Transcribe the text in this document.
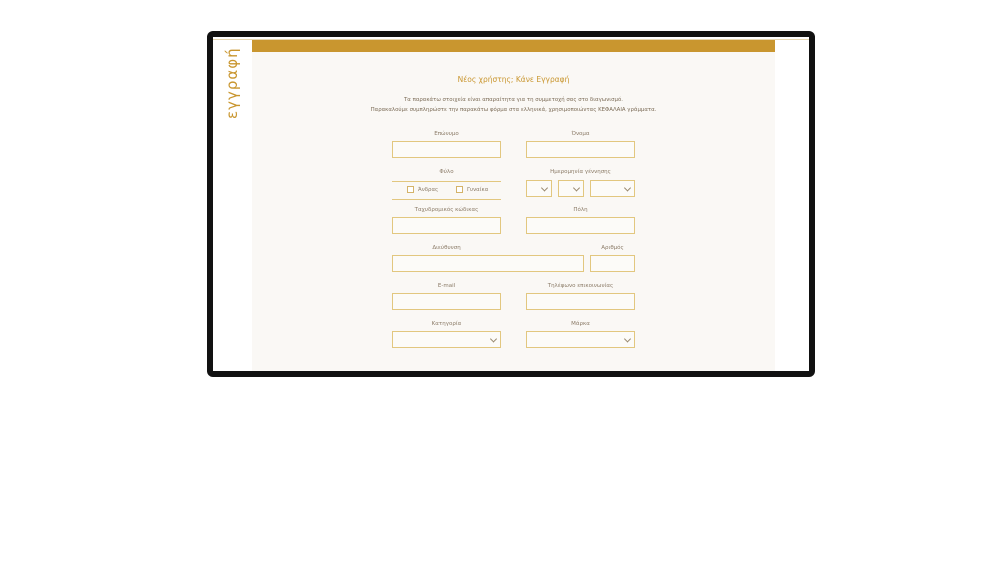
εγγραφή	Νέος χρήστης; Κάνε Εγγραφή
Τα παρακάτω στοιχεία είναι απαραίτητα για τη συμμετοχή σας στο διαγωνισμό.
Παρακαλούμε συμπληρώστε την παρακάτω φόρμα στα ελληνικά, χρησιμοποιώντας ΚΕΦΑΛΑΙΑ γράμματα.
Επώνυμο	Όνομα
Φύλο	Ημερομηνία γέννησης
Άνδρας	Γυναίκα
Ταχυδρομικός κώδικας	Πόλη
Διεύθυνση	Αριθμός
E-mail	Τηλέφωνο επικοινωνίας
Κατηγορία	Μάρκα
